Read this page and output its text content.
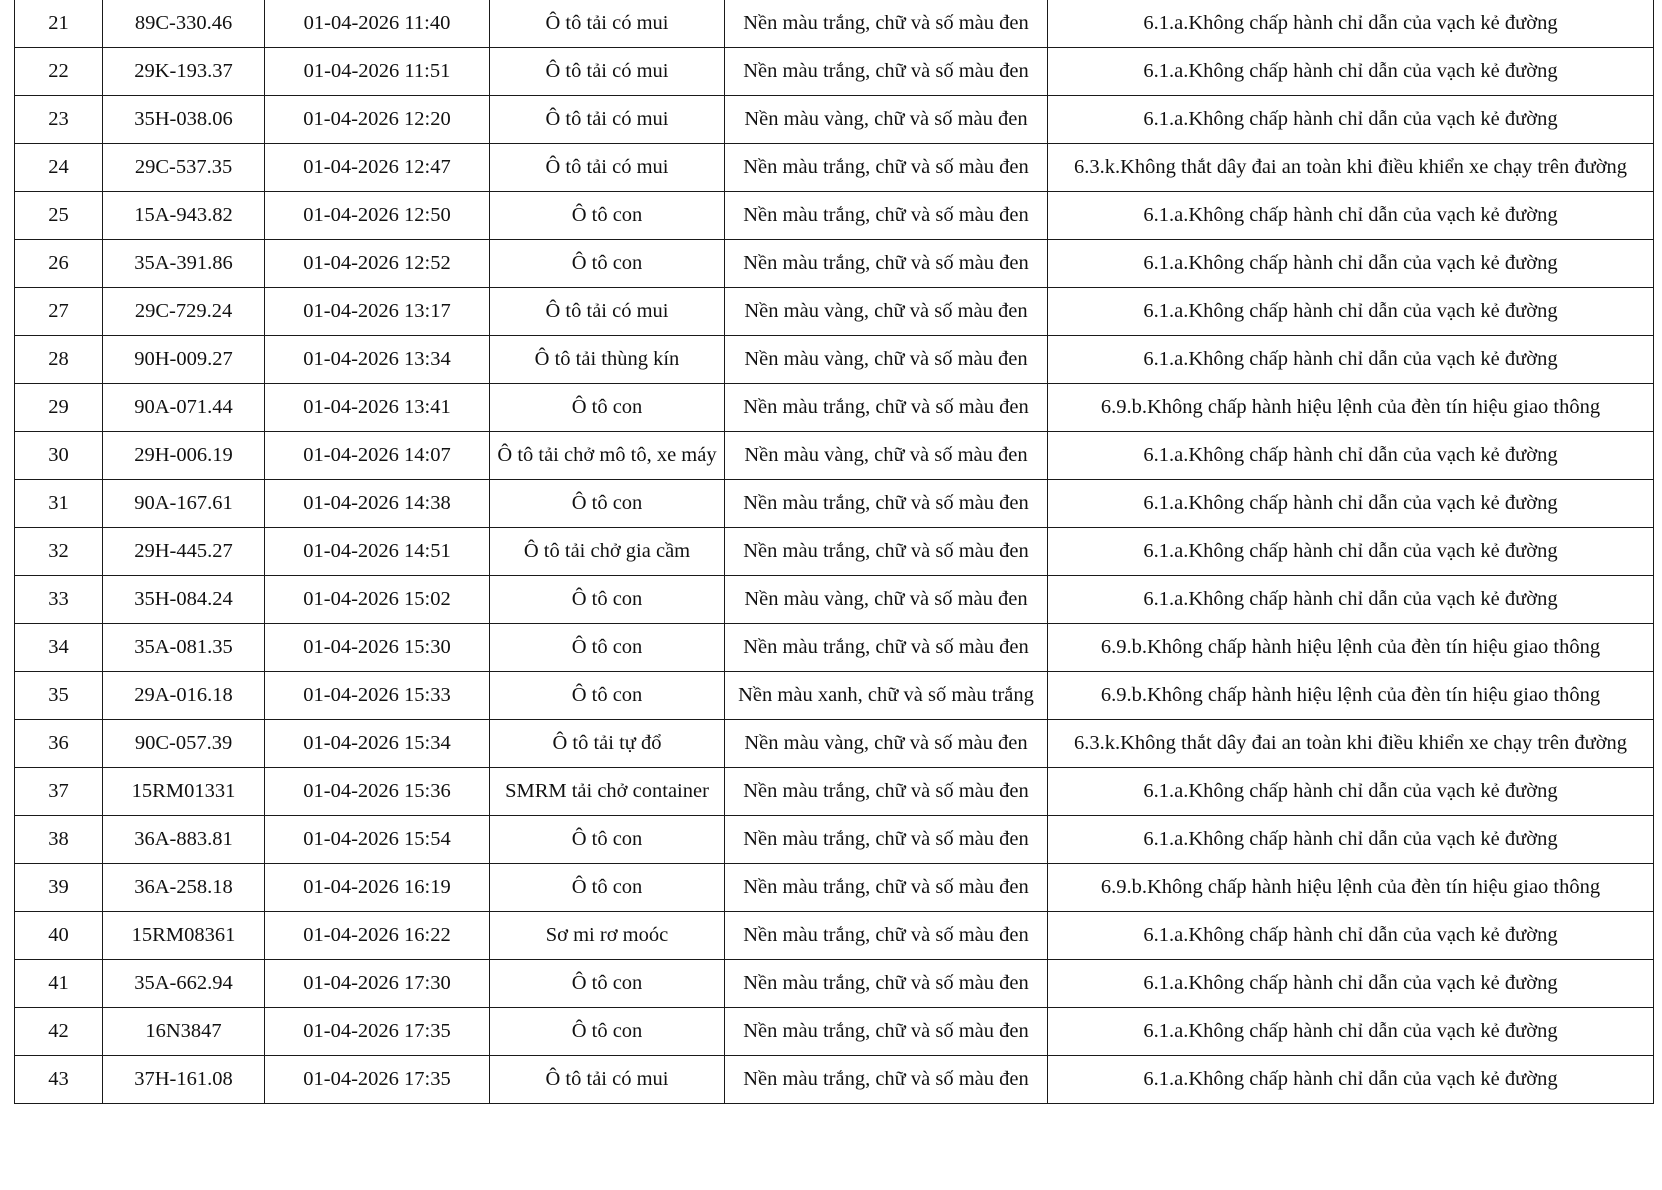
21	89C-330.46	01-04-2026 11:40	Ô tô tải có mui	Nền màu trắng, chữ và số màu đen	6.1.a.Không chấp hành chỉ dẫn của vạch kẻ đường
22	29K-193.37	01-04-2026 11:51	Ô tô tải có mui	Nền màu trắng, chữ và số màu đen	6.1.a.Không chấp hành chỉ dẫn của vạch kẻ đường
23	35H-038.06	01-04-2026 12:20	Ô tô tải có mui	Nền màu vàng, chữ và số màu đen	6.1.a.Không chấp hành chỉ dẫn của vạch kẻ đường
24	29C-537.35	01-04-2026 12:47	Ô tô tải có mui	Nền màu trắng, chữ và số màu đen	6.3.k.Không thắt dây đai an toàn khi điều khiển xe chạy trên đường
25	15A-943.82	01-04-2026 12:50	Ô tô con	Nền màu trắng, chữ và số màu đen	6.1.a.Không chấp hành chỉ dẫn của vạch kẻ đường
26	35A-391.86	01-04-2026 12:52	Ô tô con	Nền màu trắng, chữ và số màu đen	6.1.a.Không chấp hành chỉ dẫn của vạch kẻ đường
27	29C-729.24	01-04-2026 13:17	Ô tô tải có mui	Nền màu vàng, chữ và số màu đen	6.1.a.Không chấp hành chỉ dẫn của vạch kẻ đường
28	90H-009.27	01-04-2026 13:34	Ô tô tải thùng kín	Nền màu vàng, chữ và số màu đen	6.1.a.Không chấp hành chỉ dẫn của vạch kẻ đường
29	90A-071.44	01-04-2026 13:41	Ô tô con	Nền màu trắng, chữ và số màu đen	6.9.b.Không chấp hành hiệu lệnh của đèn tín hiệu giao thông
30	29H-006.19	01-04-2026 14:07	Ô tô tải chở mô tô, xe máy	Nền màu vàng, chữ và số màu đen	6.1.a.Không chấp hành chỉ dẫn của vạch kẻ đường
31	90A-167.61	01-04-2026 14:38	Ô tô con	Nền màu trắng, chữ và số màu đen	6.1.a.Không chấp hành chỉ dẫn của vạch kẻ đường
32	29H-445.27	01-04-2026 14:51	Ô tô tải chở gia cầm	Nền màu trắng, chữ và số màu đen	6.1.a.Không chấp hành chỉ dẫn của vạch kẻ đường
33	35H-084.24	01-04-2026 15:02	Ô tô con	Nền màu vàng, chữ và số màu đen	6.1.a.Không chấp hành chỉ dẫn của vạch kẻ đường
34	35A-081.35	01-04-2026 15:30	Ô tô con	Nền màu trắng, chữ và số màu đen	6.9.b.Không chấp hành hiệu lệnh của đèn tín hiệu giao thông
35	29A-016.18	01-04-2026 15:33	Ô tô con	Nền màu xanh, chữ và số màu trắng	6.9.b.Không chấp hành hiệu lệnh của đèn tín hiệu giao thông
36	90C-057.39	01-04-2026 15:34	Ô tô tải tự đổ	Nền màu vàng, chữ và số màu đen	6.3.k.Không thắt dây đai an toàn khi điều khiển xe chạy trên đường
37	15RM01331	01-04-2026 15:36	SMRM tải chở container	Nền màu trắng, chữ và số màu đen	6.1.a.Không chấp hành chỉ dẫn của vạch kẻ đường
38	36A-883.81	01-04-2026 15:54	Ô tô con	Nền màu trắng, chữ và số màu đen	6.1.a.Không chấp hành chỉ dẫn của vạch kẻ đường
39	36A-258.18	01-04-2026 16:19	Ô tô con	Nền màu trắng, chữ và số màu đen	6.9.b.Không chấp hành hiệu lệnh của đèn tín hiệu giao thông
40	15RM08361	01-04-2026 16:22	Sơ mi rơ moóc	Nền màu trắng, chữ và số màu đen	6.1.a.Không chấp hành chỉ dẫn của vạch kẻ đường
41	35A-662.94	01-04-2026 17:30	Ô tô con	Nền màu trắng, chữ và số màu đen	6.1.a.Không chấp hành chỉ dẫn của vạch kẻ đường
42	16N3847	01-04-2026 17:35	Ô tô con	Nền màu trắng, chữ và số màu đen	6.1.a.Không chấp hành chỉ dẫn của vạch kẻ đường
43	37H-161.08	01-04-2026 17:35	Ô tô tải có mui	Nền màu trắng, chữ và số màu đen	6.1.a.Không chấp hành chỉ dẫn của vạch kẻ đường
